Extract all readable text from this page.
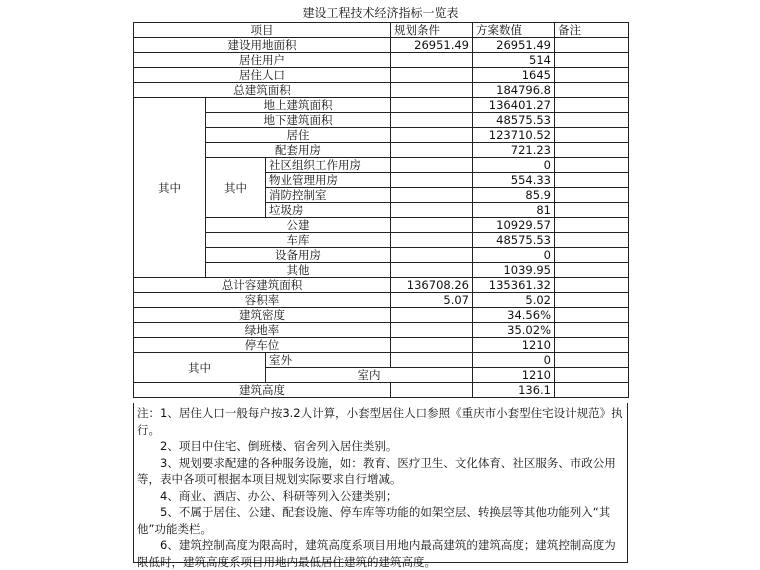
建设工程技术经济指标一览表
项目			规划条件	方案数值	备注
建设用地面积			26951.49	26951.49	
居住用户				514	
居住人口				1645	
总建筑面积				184796.8	
其中	地上建筑面积			136401.27	
	地下建筑面积			48575.53	
	居住			123710.52	
	配套用房			721.23	
	其中	社区组织工作用房		0	
		物业管理用房		554.33	
		消防控制室		85.9	
		垃圾房		81	
	公建			10929.57	
	车库			48575.53	
	设备用房			0	
	其他			1039.95	
总计容建筑面积			136708.26	135361.32	
容积率			5.07	5.02	
建筑密度				34.56%	
绿地率				35.02%	
停车位				1210	
其中		室外		0	
		室内		1210	
建筑高度				136.1	

注：1、居住人口一般每户按3.2人计算，小套型居住人口参照《重庆市小套型住宅设计规范》执行。

2、项目中住宅、倒班楼、宿舍列入居住类别。

3、规划要求配建的各种服务设施，如：教育、医疗卫生、文化体育、社区服务、市政公用等，表中各项可根据本项目规划实际要求自行增减。

4、商业、酒店、办公、科研等列入公建类别；

5、不属于居住、公建、配套设施、停车库等功能的如架空层、转换层等其他功能列入“其他”功能类栏。

6、建筑控制高度为限高时，建筑高度系项目用地内最高建筑的建筑高度；建筑控制高度为限低时，建筑高度系项目用地内最低居住建筑的建筑高度。
